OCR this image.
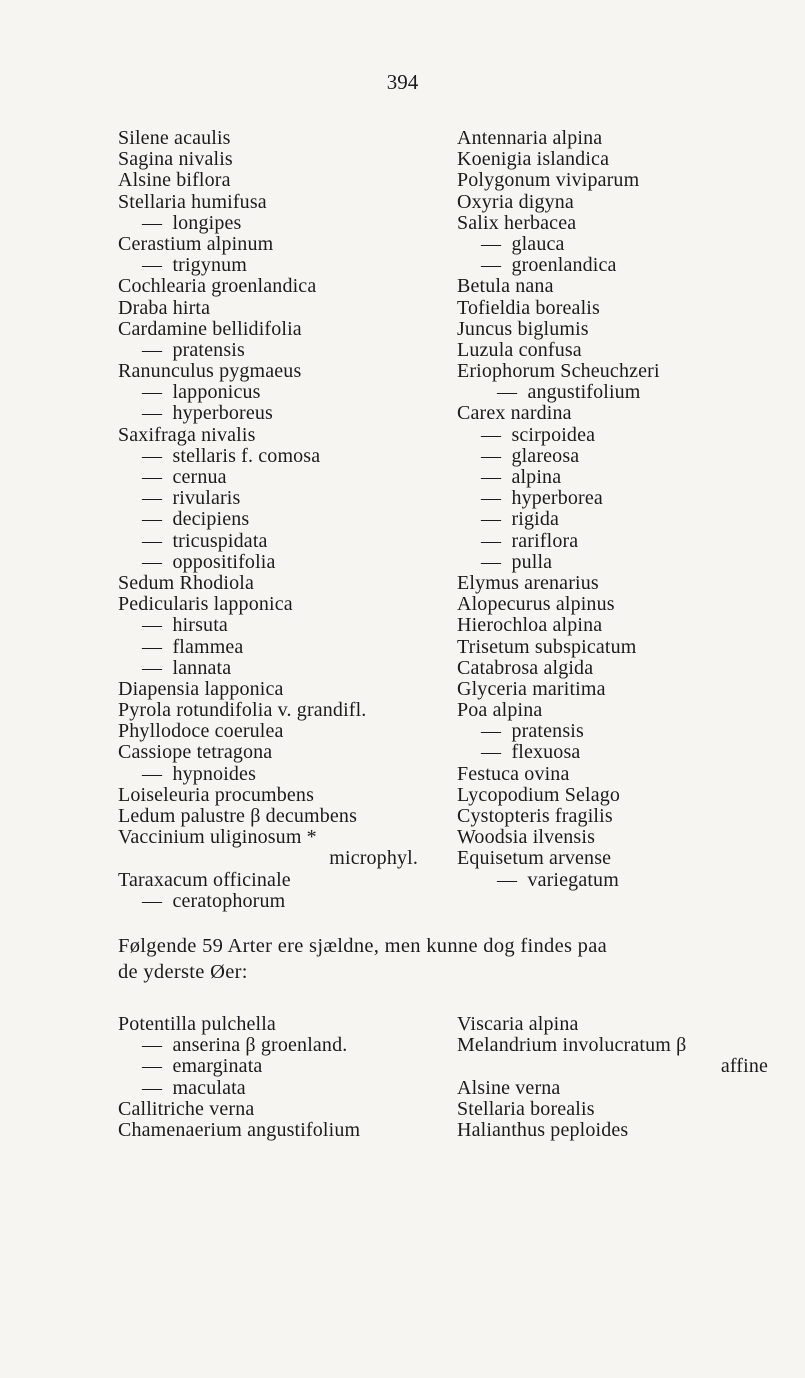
394
Silene acaulis
Sagina nivalis
Alsine biflora
Stellaria humifusa
—  longipes
Cerastium alpinum
—  trigynum
Cochlearia groenlandica
Draba hirta
Cardamine bellidifolia
—  pratensis
Ranunculus pygmaeus
—  lapponicus
—  hyperboreus
Saxifraga nivalis
—  stellaris f. comosa
—  cernua
—  rivularis
—  decipiens
—  tricuspidata
—  oppositifolia
Sedum Rhodiola
Pedicularis lapponica
—  hirsuta
—  flammea
—  lannata
Diapensia lapponica
Pyrola rotundifolia v. grandifl.
Phyllodoce coerulea
Cassiope tetragona
—  hypnoides
Loiseleuria procumbens
Ledum palustre β decumbens
Vaccinium uliginosum *
microphyl.
Taraxacum officinale
—  ceratophorum
Antennaria alpina
Koenigia islandica
Polygonum viviparum
Oxyria digyna
Salix herbacea
—  glauca
—  groenlandica
Betula nana
Tofieldia borealis
Juncus biglumis
Luzula confusa
Eriophorum Scheuchzeri
—  angustifolium
Carex nardina
—  scirpoidea
—  glareosa
—  alpina
—  hyperborea
—  rigida
—  rariflora
—  pulla
Elymus arenarius
Alopecurus alpinus
Hierochloa alpina
Trisetum subspicatum
Catabrosa algida
Glyceria maritima
Poa alpina
—  pratensis
—  flexuosa
Festuca ovina
Lycopodium Selago
Cystopteris fragilis
Woodsia ilvensis
Equisetum arvense
—  variegatum
Følgende 59 Arter ere sjældne, men kunne dog findes paa
de yderste Øer:
Potentilla pulchella
—  anserina β groenland.
—  emarginata
—  maculata
Callitriche verna
Chamenaerium angustifolium
Viscaria alpina
Melandrium involucratum β
affine
Alsine verna
Stellaria borealis
Halianthus peploides
